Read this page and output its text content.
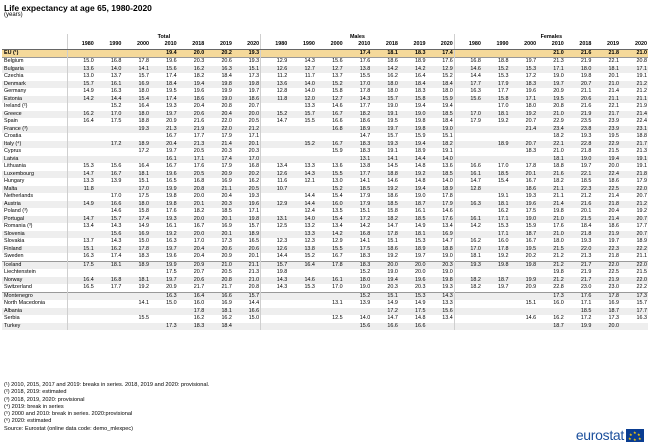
Life expectancy at age 65, 1980-2020
(years)
	Total							Males							Females						
	1980	1990	2000	2010	2018	2019	2020	1980	1990	2000	2010	2018	2019	2020	1980	1990	2000	2010	2018	2019	2020
EU (¹)				19.4	20.0	20.2	19.3				17.4	18.1	18.3	17.4				21.0	21.6	21.8	21.0
Belgium	15.0	16.8	17.8	19.6	20.3	20.6	19.3	12.9	14.3	15.6	17.6	18.6	18.9	17.6	16.8	18.8	19.7	21.3	21.9	22.1	20.8
Bulgaria	13.6	14.0	14.1	15.6	16.2	16.3	15.1	12.6	12.7	12.7	13.8	14.2	14.2	12.9	14.6	15.2	15.3	17.1	18.0	18.1	17.1
Czechia	13.0	13.7	15.7	17.4	18.2	18.4	17.3	11.2	11.7	13.7	15.5	16.2	16.4	15.2	14.4	15.3	17.2	19.0	19.8	20.1	19.1
Denmark	15.7	16.1	16.9	18.4	19.4	19.8	19.8	13.6	14.0	15.2	17.0	18.0	18.4	18.4	17.7	17.9	18.3	19.7	20.7	21.0	21.2
Germany	14.9	16.3	18.0	19.5	19.6	19.9	19.7	12.8	14.0	15.8	17.8	18.0	18.3	18.0	16.3	17.7	19.6	20.9	21.1	21.4	21.2
Estonia	14.2	14.4	15.4	17.4	18.6	19.0	18.6	11.8	12.0	12.7	14.3	15.7	15.8	15.9	15.6	15.8	17.1	19.5	20.6	21.1	21.1
Ireland (²)		15.2	16.4	19.3	20.4	20.8	20.7		13.3	14.6	17.7	19.0	19.4	19.4		17.0	18.0	20.8	21.6	22.1	21.9
Greece	16.2	17.0	18.0	19.7	20.6	20.4	20.0	15.2	15.7	16.7	18.2	19.1	19.0	18.5	17.0	18.1	19.2	21.0	21.9	21.7	21.4
Spain	16.4	17.5	18.8	20.9	21.6	22.0	20.5	14.7	15.5	16.6	18.6	19.5	19.8	18.4	17.9	19.2	20.7	22.9	23.5	23.9	22.4
France (³)			19.3	21.3	21.9	22.0	21.2			16.8	18.9	19.7	19.8	19.0			21.4	23.4	23.8	23.9	23.1
Croatia				16.7	17.7	17.9	17.1				14.7	15.7	15.9	15.1				18.2	19.3	19.5	18.8
Italy (⁴)		17.2	18.9	20.4	21.3	21.4	20.1		15.2	16.7	18.3	19.3	19.4	18.2		18.9	20.7	22.1	22.8	22.9	21.7
Cyprus			17.2	19.7	20.5	20.3	20.3			15.9	18.3	19.1	18.9	19.1			18.3	21.0	21.8	21.5	21.3
Latvia				16.1	17.1	17.4	17.0				13.1	14.1	14.4	14.0				18.1	19.0	19.4	19.1
Lithuania	15.3	15.6	16.4	16.7	17.6	17.9	16.8	13.4	13.3	13.6	13.8	14.5	14.8	13.6	16.6	17.0	17.8	18.8	19.7	20.0	19.1
Luxembourg	14.7	16.7	18.1	19.6	20.5	20.9	20.2	12.6	14.3	15.5	17.7	18.8	19.2	18.5	16.1	18.5	20.1	21.6	22.1	22.4	21.8
Hungary	13.3	13.9	15.1	16.5	16.8	16.9	16.2	11.6	12.1	13.0	14.1	14.6	14.8	14.0	14.7	15.4	16.7	18.2	18.5	18.6	17.9
Malta	11.8		17.0	19.9	20.8	21.1	20.5	10.7		15.2	18.5	19.2	19.4	18.9	12.8		18.6	21.1	22.3	22.5	22.0
Netherlands		17.0	17.5	19.8	20.0	20.4	19.3		14.4	15.4	17.9	18.6	19.0	17.8		19.1	19.3	21.1	21.2	21.4	20.7
Austria	14.9	16.6	18.0	19.8	20.1	20.3	19.6	12.9	14.4	16.0	17.9	18.5	18.7	17.9	16.3	18.1	19.6	21.4	21.6	21.8	21.2
Poland (³)		14.6	15.8	17.6	18.2	18.5	17.1		12.4	13.5	15.1	15.8	16.1	14.6		16.2	17.5	19.8	20.1	20.4	19.2
Portugal	14.7	15.7	17.4	19.3	20.0	20.1	19.8	13.1	14.0	15.4	17.2	18.2	18.5	17.6	16.1	17.1	19.0	21.0	21.5	21.4	20.7
Romania (³)	13.4	14.3	14.9	16.1	16.7	16.9	15.7	12.5	13.2	13.4	14.2	14.7	14.9	13.4	14.2	15.3	15.9	17.6	18.4	18.6	17.7
Slovenia		15.6	16.9	19.2	20.0	20.1	18.9		13.3	14.2	16.8	17.8	18.1	16.9		17.1	18.7	21.0	21.8	21.9	20.7
Slovakia	13.7	14.3	15.0	16.3	17.0	17.3	16.5	12.3	12.3	12.9	14.1	15.1	15.3	14.7	16.2	16.0	16.7	18.0	19.3	19.7	18.9
Finland	15.1	16.2	17.8	19.7	20.4	20.6	20.6	12.6	13.8	15.5	17.5	18.6	18.9	18.8	17.0	17.8	19.5	21.5	22.0	22.3	22.2
Sweden	16.3	17.4	18.3	19.6	20.4	20.9	20.1	14.4	15.2	16.7	18.3	19.2	19.7	19.0	18.1	19.2	20.2	21.2	21.3	21.8	21.1
Iceland	17.5	18.1	18.9	19.9	20.9	21.0	21.1	15.7	16.4	17.8	18.3	20.0	20.0	20.3	19.3	19.8	19.8	21.2	21.7	22.0	22.0
Liechtenstein				17.5	20.7	20.5	21.3	19.8			15.2	19.0	20.0	19.0				19.8	21.9	22.5	21.5
Norway	16.4	16.8	18.1	19.7	20.6	20.8	21.0	14.3	14.6	16.1	18.0	19.4	19.6	19.8	18.2	18.7	19.9	21.2	21.7	21.9	22.0
Switzerland	16.5	17.7	19.2	20.9	21.7	21.7	20.8	14.3	15.3	17.0	19.0	20.3	20.3	19.3	18.2	19.7	20.9	22.8	23.0	23.0	22.2
Montenegro				16.3	16.4	16.6	15.7				15.2	15.1	15.3	14.3				17.3	17.6	17.8	17.3
North Macedonia			14.1	15.0	16.0	16.9	14.4			13.1	13.9	14.9	14.9	13.3			15.1	16.0	17.1	16.9	15.7
Albania					17.8	18.1	16.6					17.2	17.5	15.6					18.5	18.7	17.7
Serbia			15.5		16.2	16.2	15.0			12.5	14.0	14.7	14.8	13.4			14.6	16.2	17.2	17.3	16.3
Turkey				17.3	18.3	18.4					15.6	16.6	16.6					18.7	19.9	20.0	
(¹) 2010, 2015, 2017 and 2019: breaks in series. 2018, 2019 and 2020: provisional.
(²) 2018, 2019: estimated
(³) 2018, 2019, 2020: provisional
(⁴) 2019: break in series
(⁵) 2000 and 2010: break in series. 2020:provisional
(⁶) 2020: estimated
Source: Eurostat (online data code: demo_mlexpec)	eurostat ★ ★
★
★
★
★
